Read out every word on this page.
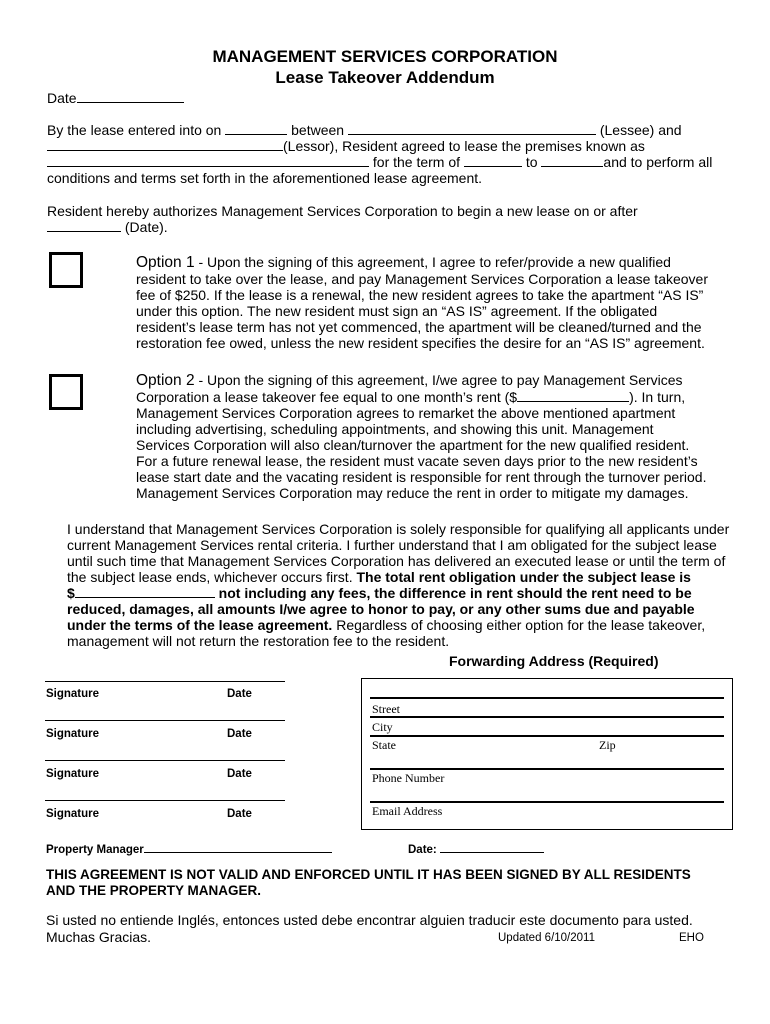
MANAGEMENT SERVICES CORPORATION
Lease Takeover Addendum
Date
By the lease entered into on	between	(Lessee) and
(Lessor), Resident agreed to lease the premises known as
for the term of	to	and to perform all
conditions and terms set forth in the aforementioned lease agreement.
Resident hereby authorizes Management Services Corporation to begin a new lease on or after
(Date).
Option 1 - Upon the signing of this agreement, I agree to refer/provide a new qualified
resident to take over the lease, and pay Management Services Corporation a lease takeover
fee of $250. If the lease is a renewal, the new resident agrees to take the apartment “AS IS”
under this option. The new resident must sign an “AS IS” agreement. If the obligated
resident’s lease term has not yet commenced, the apartment will be cleaned/turned and the
restoration fee owed, unless the new resident specifies the desire for an “AS IS” agreement.
Option 2 - Upon the signing of this agreement, I/we agree to pay Management Services
Corporation a lease takeover fee equal to one month’s rent ($	). In turn,
Management Services Corporation agrees to remarket the above mentioned apartment
including advertising, scheduling appointments, and showing this unit. Management
Services Corporation will also clean/turnover the apartment for the new qualified resident.
For a future renewal lease, the resident must vacate seven days prior to the new resident’s
lease start date and the vacating resident is responsible for rent through the turnover period.
Management Services Corporation may reduce the rent in order to mitigate my damages.
I understand that Management Services Corporation is solely responsible for qualifying all applicants under
current Management Services rental criteria. I further understand that I am obligated for the subject lease
until such time that Management Services Corporation has delivered an executed lease or until the term of
the subject lease ends, whichever occurs first. The total rent obligation under the subject lease is
$	not including any fees, the difference in rent should the rent need to be
reduced, damages, all amounts I/we agree to honor to pay, or any other sums due and payable
under the terms of the lease agreement. Regardless of choosing either option for the lease takeover,
management will not return the restoration fee to the resident.
Forwarding Address (Required)
Signature	Date
Signature	Date
Signature	Date
Signature	Date
Street
City
State	Zip
Phone Number
Email Address
Property Manager	Date:
THIS AGREEMENT IS NOT VALID AND ENFORCED UNTIL IT HAS BEEN SIGNED BY ALL RESIDENTS
AND THE PROPERTY MANAGER.
Si usted no entiende Inglés, entonces usted debe encontrar alguien traducir este documento para usted.
Muchas Gracias.	Updated 6/10/2011	EHO
